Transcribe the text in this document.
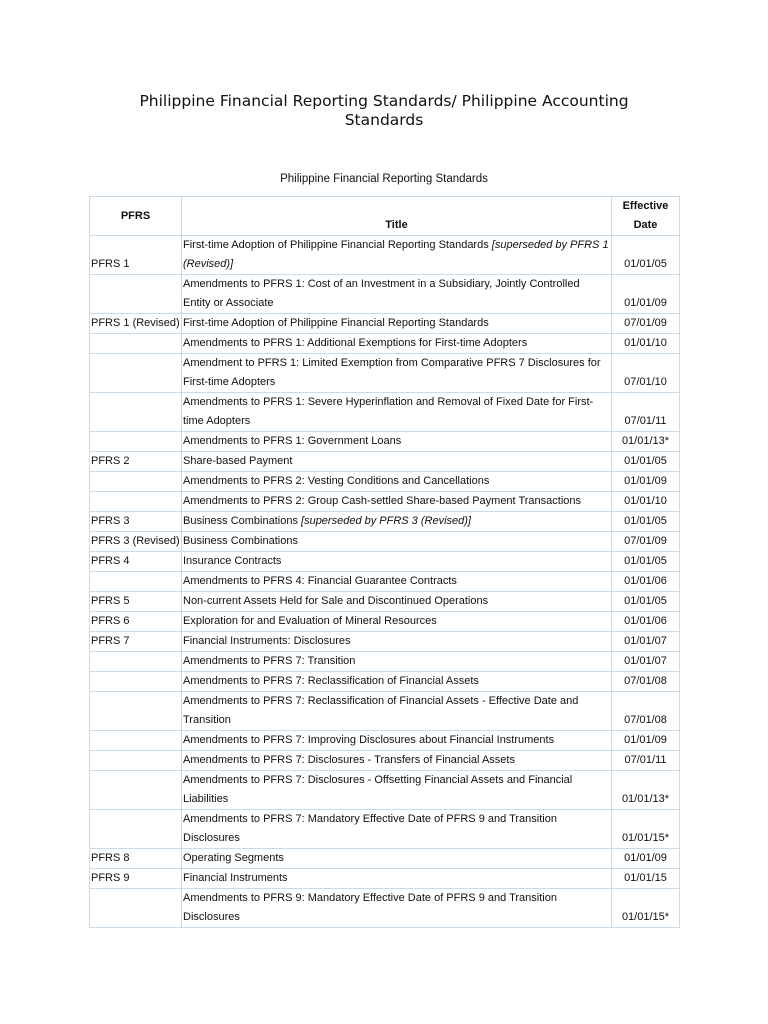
Philippine Financial Reporting Standards/ Philippine Accounting
Standards
Philippine Financial Reporting Standards
PFRS	Title	Effective
Date

PFRS 1	First-time Adoption of Philippine Financial Reporting Standards [superseded by PFRS 1 (Revised)]	01/01/05
	Amendments to PFRS 1: Cost of an Investment in a Subsidiary, Jointly Controlled Entity or Associate	01/01/09
PFRS 1 (Revised)	First-time Adoption of Philippine Financial Reporting Standards	07/01/09
	Amendments to PFRS 1: Additional Exemptions for First-time Adopters	01/01/10
	Amendment to PFRS 1: Limited Exemption from Comparative PFRS 7 Disclosures for First-time Adopters	07/01/10
	Amendments to PFRS 1: Severe Hyperinflation and Removal of Fixed Date for First-time Adopters	07/01/11
	Amendments to PFRS 1: Government Loans	01/01/13*
PFRS 2	Share-based Payment	01/01/05
	Amendments to PFRS 2: Vesting Conditions and Cancellations	01/01/09
	Amendments to PFRS 2: Group Cash-settled Share-based Payment Transactions	01/01/10
PFRS 3	Business Combinations [superseded by PFRS 3 (Revised)]	01/01/05
PFRS 3 (Revised)	Business Combinations	07/01/09
PFRS 4	Insurance Contracts	01/01/05
	Amendments to PFRS 4: Financial Guarantee Contracts	01/01/06
PFRS 5	Non-current Assets Held for Sale and Discontinued Operations	01/01/05
PFRS 6	Exploration for and Evaluation of Mineral Resources	01/01/06
PFRS 7	Financial Instruments: Disclosures	01/01/07
	Amendments to PFRS 7: Transition	01/01/07
	Amendments to PFRS 7: Reclassification of Financial Assets	07/01/08
	Amendments to PFRS 7: Reclassification of Financial Assets - Effective Date and Transition	07/01/08
	Amendments to PFRS 7: Improving Disclosures about Financial Instruments	01/01/09
	Amendments to PFRS 7: Disclosures - Transfers of Financial Assets	07/01/11
	Amendments to PFRS 7: Disclosures - Offsetting Financial Assets and Financial Liabilities	01/01/13*
	Amendments to PFRS 7: Mandatory Effective Date of PFRS 9 and Transition Disclosures	01/01/15*
PFRS 8	Operating Segments	01/01/09
PFRS 9	Financial Instruments	01/01/15
	Amendments to PFRS 9: Mandatory Effective Date of PFRS 9 and Transition Disclosures	01/01/15*
